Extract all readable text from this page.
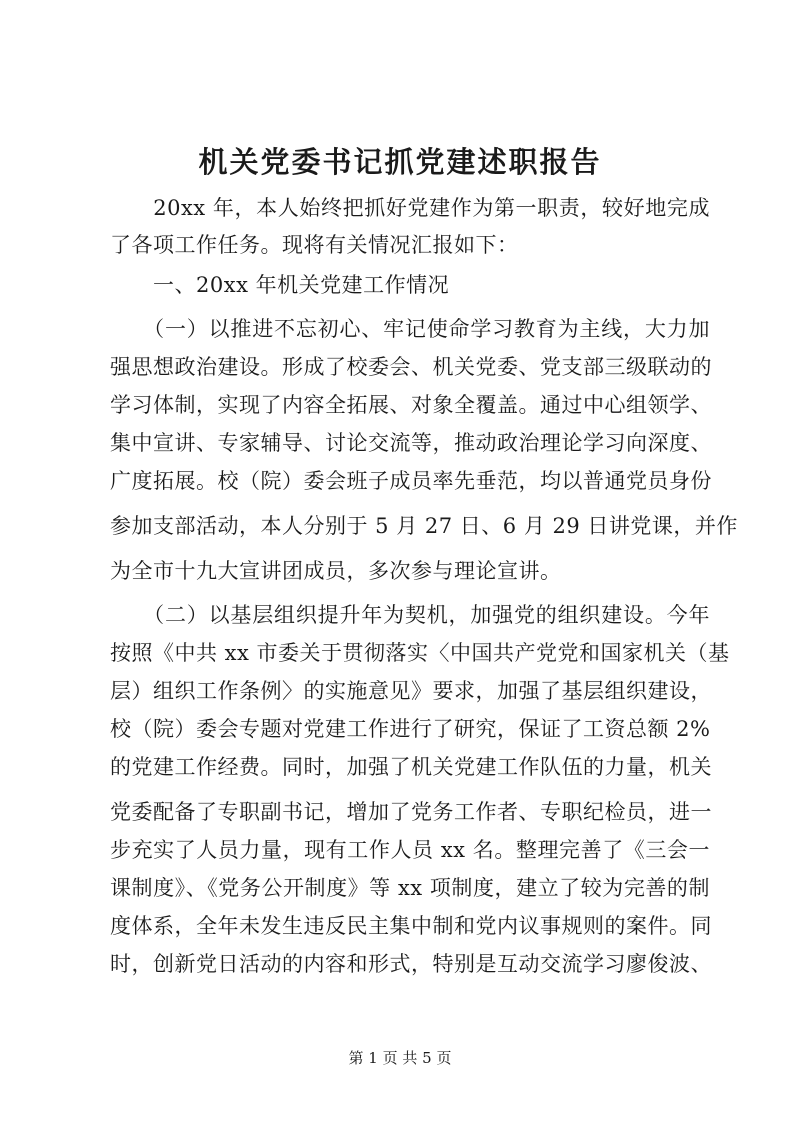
机关党委书记抓党建述职报告
　　20xx 年，本人始终把抓好党建作为第一职责，较好地完成
了各项工作任务。现将有关情况汇报如下：
　　一、20xx 年机关党建工作情况
　　（一）以推进不忘初心、牢记使命学习教育为主线，大力加
强思想政治建设。形成了校委会、机关党委、党支部三级联动的
学习体制，实现了内容全拓展、对象全覆盖。通过中心组领学、
集中宣讲、专家辅导、讨论交流等，推动政治理论学习向深度、
广度拓展。校（院）委会班子成员率先垂范，均以普通党员身份
参加支部活动，本人分别于 5 月 27 日、6 月 29 日讲党课，并作
为全市十九大宣讲团成员，多次参与理论宣讲。
　　（二）以基层组织提升年为契机，加强党的组织建设。今年
按照《中共 xx 市委关于贯彻落实〈中国共产党党和国家机关（基
层）组织工作条例〉的实施意见》要求，加强了基层组织建设，
校（院）委会专题对党建工作进行了研究，保证了工资总额 2%
的党建工作经费。同时，加强了机关党建工作队伍的力量，机关
党委配备了专职副书记，增加了党务工作者、专职纪检员，进一
步充实了人员力量，现有工作人员 xx 名。整理完善了《三会一
课制度》、《党务公开制度》等 xx 项制度，建立了较为完善的制
度体系，全年未发生违反民主集中制和党内议事规则的案件。同
时，创新党日活动的内容和形式，特别是互动交流学习廖俊波、
第 1 页 共 5 页
